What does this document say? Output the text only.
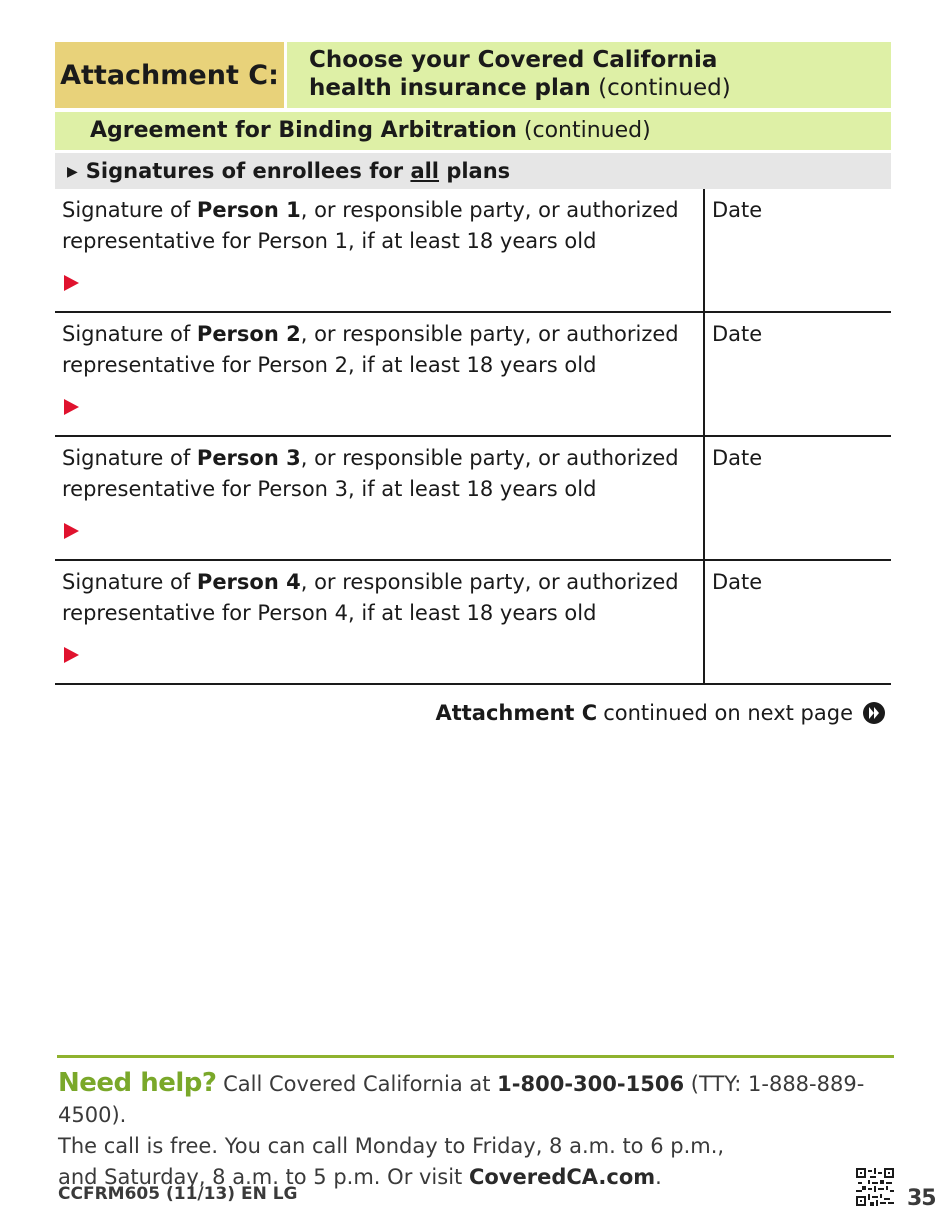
Attachment C:	Choose your Covered California
health insurance plan (continued)
Agreement for Binding Arbitration (continued)
▶ Signatures of enrollees for all plans
Signature of Person 1, or responsible party, or authorized
representative for Person 1, if at least 18 years old
Date
Signature of Person 2, or responsible party, or authorized
representative for Person 2, if at least 18 years old
Date
Signature of Person 3, or responsible party, or authorized
representative for Person 3, if at least 18 years old
Date
Signature of Person 4, or responsible party, or authorized
representative for Person 4, if at least 18 years old
Date
Attachment C continued on next page
Need help? Call Covered California at 1-800-300-1506 (TTY: 1-888-889-4500).
The call is free. You can call Monday to Friday, 8 a.m. to 6 p.m.,
and Saturday, 8 a.m. to 5 p.m. Or visit CoveredCA.com.
CCFRM605 (11/13) EN LG	35
